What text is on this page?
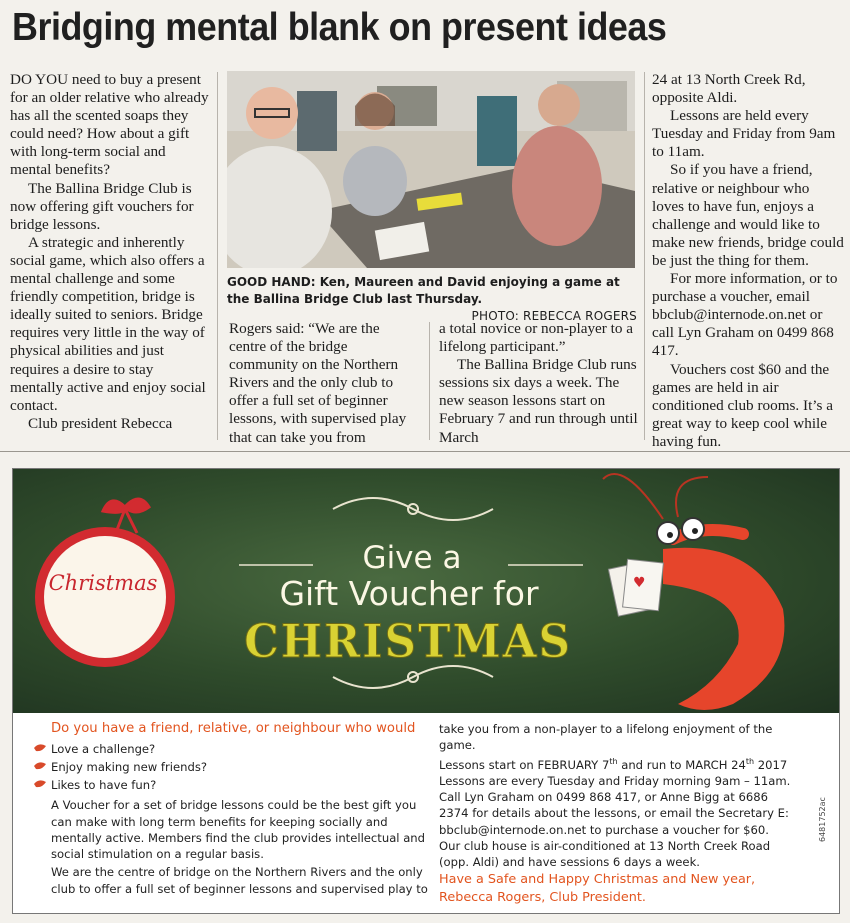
Bridging mental blank on present ideas

DO YOU need to buy a present for an older relative who already has all the scented soaps they could need? How about a gift with long-term social and mental benefits?

The Ballina Bridge Club is now offering gift vouchers for bridge lessons.

A strategic and inherently social game, which also offers a mental challenge and some friendly competition, bridge is ideally suited to seniors. Bridge requires very little in the way of physical abilities and just requires a desire to stay mentally active and enjoy social contact.

Club president Rebecca

GOOD HAND: Ken, Maureen and David enjoying a game at the Ballina Bridge Club last Thursday.
PHOTO: REBECCA ROGERS

Rogers said: “We are the centre of the bridge community on the Northern Rivers and the only club to offer a full set of beginner lessons, with supervised play that can take you from

a total novice or non-player to a lifelong participant.”

The Ballina Bridge Club runs sessions six days a week. The new season lessons start on February 7 and run through until March

24 at 13 North Creek Rd, opposite Aldi.

Lessons are held every Tuesday and Friday from 9am to 11am.

So if you have a friend, relative or neighbour who loves to have fun, enjoys a challenge and would like to make new friends, bridge could be just the thing for them.

For more information, or to purchase a voucher, email bbclub@internode.on.net or call Lyn Graham on 0499 868 417.

Vouchers cost $60 and the games are held in air conditioned club rooms. It’s a great way to keep cool while having fun.

♥
Christmas
Give a
Gift Voucher for
CHRISTMAS
Do you have a friend, relative, or neighbour who would
Love a challenge?
Enjoy making new friends?
Likes to have fun?
A Voucher for a set of bridge lessons could be the best gift you can make with long term benefits for keeping socially and mentally active. Members find the club provides intellectual and social stimulation on a regular basis.
We are the centre of bridge on the Northern Rivers and the only club to offer a full set of beginner lessons and supervised play to
take you from a non-player to a lifelong enjoyment of the game.
Lessons start on FEBRUARY 7th and run to MARCH 24th 2017
Lessons are every Tuesday and Friday morning 9am – 11am.
Call Lyn Graham on 0499 868 417, or Anne Bigg at 6686 2374 for details about the lessons, or email the Secretary E: bbclub@internode.on.net to purchase a voucher for $60.
Our club house is air-conditioned at 13 North Creek Road (opp. Aldi) and have sessions 6 days a week.
Have a Safe and Happy Christmas and New year, Rebecca Rogers, Club President.
6481752ac
